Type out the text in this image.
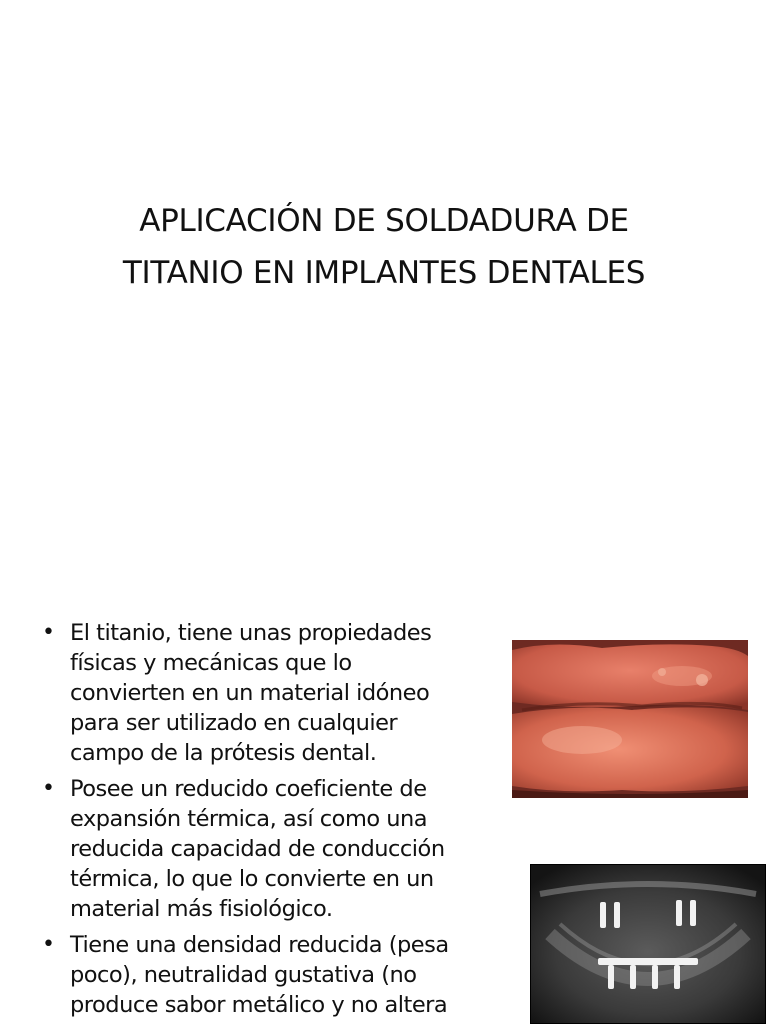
APLICACIÓN DE SOLDADURA DE
TITANIO EN IMPLANTES DENTALES
• El titanio, tiene unas propiedades
físicas y mecánicas que lo
convierten en un material idóneo
para ser utilizado en cualquier
campo de la prótesis dental.
• Posee un reducido coeficiente de
expansión térmica, así como una
reducida capacidad de conducción
térmica, lo que lo convierte en un
material más fisiológico.
• Tiene una densidad reducida (pesa
poco), neutralidad gustativa (no
produce sabor metálico y no altera
